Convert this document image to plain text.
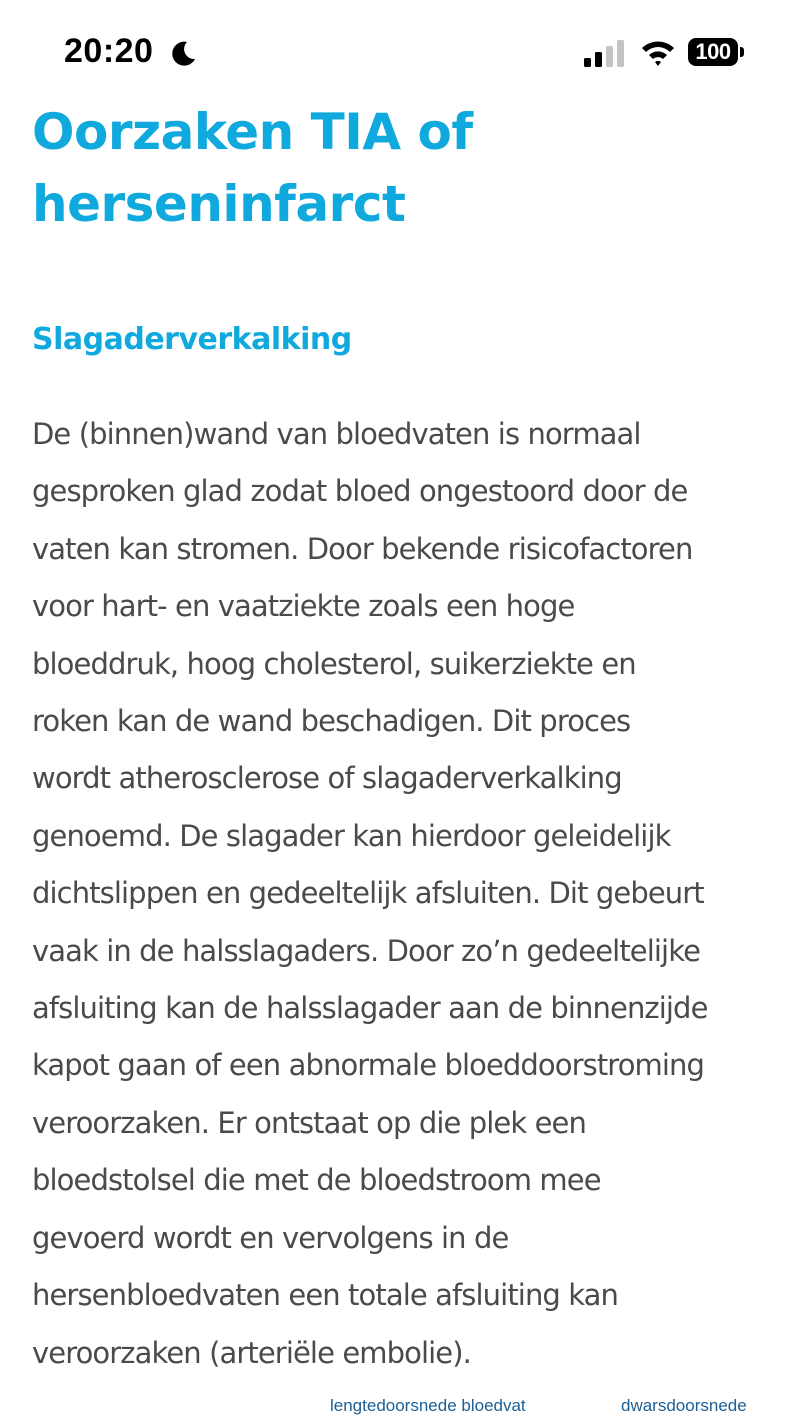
20:20	100
Oorzaken TIA of
herseninfarct
Slagaderverkalking

De (binnen)wand van bloedvaten is normaal
gesproken glad zodat bloed ongestoord door de
vaten kan stromen. Door bekende risicofactoren
voor hart- en vaatziekte zoals een hoge
bloeddruk, hoog cholesterol, suikerziekte en
roken kan de wand beschadigen. Dit proces
wordt atherosclerose of slagaderverkalking
genoemd. De slagader kan hierdoor geleidelijk
dichtslippen en gedeeltelijk afsluiten. Dit gebeurt
vaak in de halsslagaders. Door zo’n gedeeltelijke
afsluiting kan de halsslagader aan de binnenzijde
kapot gaan of een abnormale bloeddoorstroming
veroorzaken. Er ontstaat op die plek een
bloedstolsel die met de bloedstroom mee
gevoerd wordt en vervolgens in de
hersenbloedvaten een totale afsluiting kan
veroorzaken (arteriële embolie).

lengtedoorsnede bloedvat	dwarsdoorsnede
